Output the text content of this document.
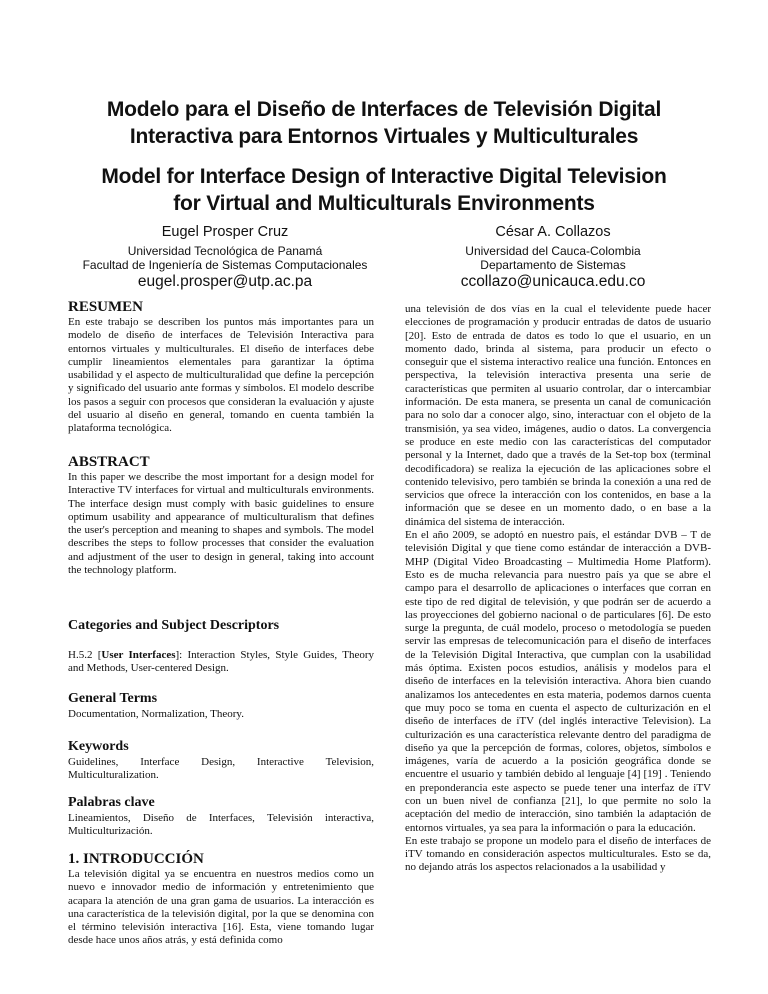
Modelo para el Diseño de Interfaces de Televisión Digital
Interactiva para Entornos Virtuales y Multiculturales
Model for Interface Design of Interactive Digital Television
for Virtual and Multiculturals Environments
Eugel Prosper Cruz
Universidad Tecnológica de Panamá
Facultad de Ingeniería de Sistemas Computacionales
eugel.prosper@utp.ac.pa
César A. Collazos
Universidad del Cauca-Colombia
Departamento de Sistemas
ccollazo@unicauca.edu.co
RESUMEN

En este trabajo se describen los puntos más importantes para un modelo de diseño de interfaces de Televisión Interactiva para entornos virtuales y multiculturales. El diseño de interfaces debe cumplir lineamientos elementales para garantizar la óptima usabilidad y el aspecto de multiculturalidad que define la percepción y significado del usuario ante formas y símbolos. El modelo describe los pasos a seguir con procesos que consideran la evaluación y ajuste del usuario al diseño en general, tomando en cuenta también la plataforma tecnológica.

ABSTRACT

In this paper we describe the most important for a design model for Interactive TV interfaces for virtual and multiculturals environments. The interface design must comply with basic guidelines to ensure optimum usability and appearance of multiculturalism that defines the user's perception and meaning to shapes and symbols. The model describes the steps to follow processes that consider the evaluation and adjustment of the user to design in general, taking into account the technology platform.

Categories and Subject Descriptors

H.5.2 [User Interfaces]: Interaction Styles, Style Guides, Theory and Methods, User-centered Design.

General Terms

Documentation, Normalization, Theory.

Keywords

Guidelines, Interface Design, Interactive Television, Multiculturalization.

Palabras clave

Lineamientos, Diseño de Interfaces, Televisión interactiva, Multiculturización.

1. INTRODUCCIÓN

La televisión digital ya se encuentra en nuestros medios como un nuevo e innovador medio de información y entretenimiento que acapara la atención de una gran gama de usuarios. La interacción es una característica de la televisión digital, por la que se denomina con el término televisión interactiva [16]. Esta, viene tomando lugar desde hace unos años atrás, y está definida como

una televisión de dos vías en la cual el televidente puede hacer elecciones de programación y producir entradas de datos de usuario [20]. Esto de entrada de datos es todo lo que el usuario, en un momento dado, brinda al sistema, para producir un efecto o conseguir que el sistema interactivo realice una función. Entonces en perspectiva, la televisión interactiva presenta una serie de características que permiten al usuario controlar, dar o intercambiar información. De esta manera, se presenta un canal de comunicación para no solo dar a conocer algo, sino, interactuar con el objeto de la transmisión, ya sea video, imágenes, audio o datos. La convergencia se produce en este medio con las características del computador personal y la Internet, dado que a través de la Set-top box (terminal decodificadora) se realiza la ejecución de las aplicaciones sobre el contenido televisivo, pero también se brinda la conexión a una red de servicios que ofrece la interacción con los contenidos, en base a la información que se desee en un momento dado, o en base a la dinámica del sistema de interacción.

En el año 2009, se adoptó en nuestro país, el estándar DVB – T de televisión Digital y que tiene como estándar de interacción a DVB-MHP (Digital Video Broadcasting – Multimedia Home Platform). Esto es de mucha relevancia para nuestro país ya que se abre el campo para el desarrollo de aplicaciones o interfaces que corran en este tipo de red digital de televisión, y que podrán ser de acuerdo a las proyecciones del gobierno nacional o de particulares [6]. De esto surge la pregunta, de cuál modelo, proceso o metodología se pueden servir las empresas de telecomunicación para el diseño de interfaces de la Televisión Digital Interactiva, que cumplan con la usabilidad más óptima. Existen pocos estudios, análisis y modelos para el diseño de interfaces en la televisión interactiva. Ahora bien cuando analizamos los antecedentes en esta materia, podemos darnos cuenta que muy poco se toma en cuenta el aspecto de culturización en el diseño de interfaces de iTV (del inglés interactive Television). La culturización es una característica relevante dentro del paradigma de diseño ya que la percepción de formas, colores, objetos, símbolos e imágenes, varía de acuerdo a la posición geográfica donde se encuentre el usuario y también debido al lenguaje [4] [19] . Teniendo en preponderancia este aspecto se puede tener una interfaz de iTV con un buen nivel de confianza [21], lo que permite no solo la aceptación del medio de interacción, sino también la adaptación de entornos virtuales, ya sea para la información o para la educación.

En este trabajo se propone un modelo para el diseño de interfaces de iTV tomando en consideración aspectos multiculturales. Esto se da, no dejando atrás los aspectos relacionados a la usabilidad y
